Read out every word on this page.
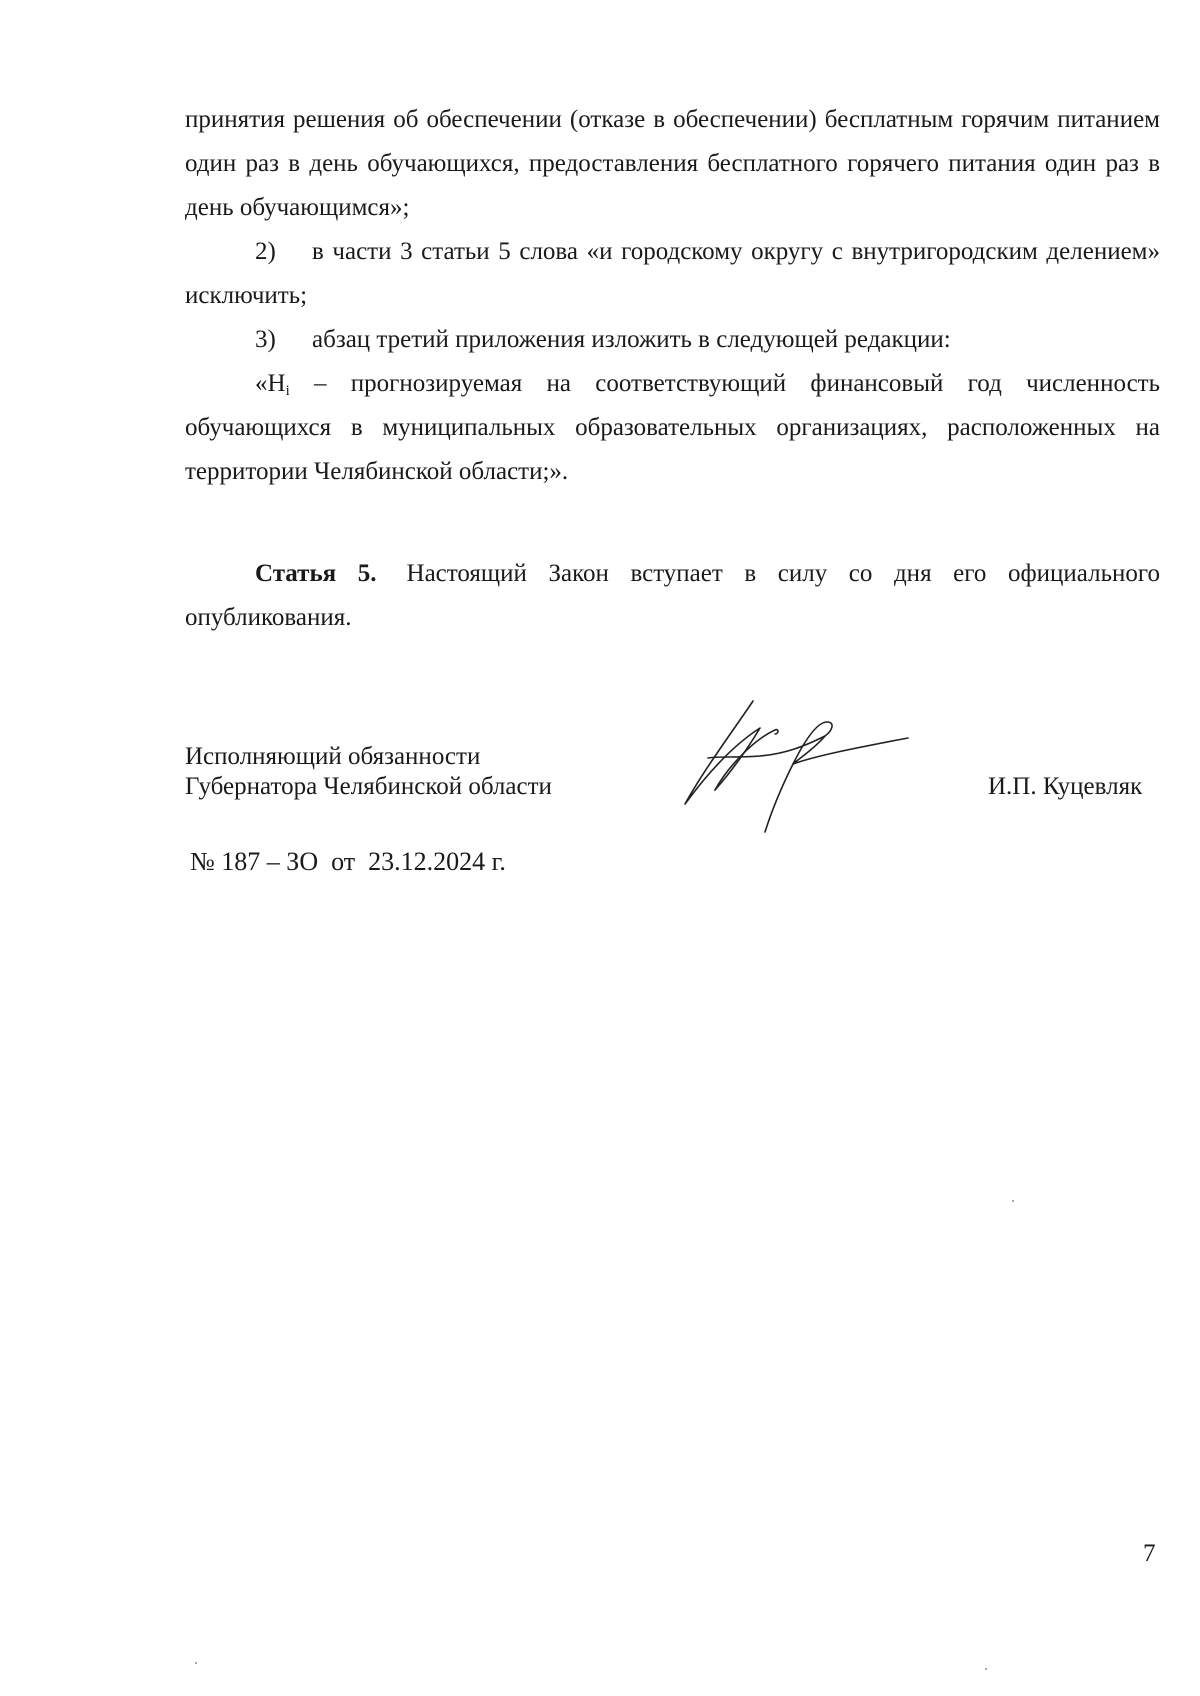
принятия решения об обеспечении (отказе в обеспечении) бесплатным горячим питанием один раз в день обучающихся, предоставления бесплатного горячего питания один раз в день обучающимся»;

2)	в части 3 статьи 5 слова «и городскому округу с внутригородским делением» исключить;
3)	абзац третий приложения изложить в следующей редакции:

«$Н_i$ – прогнозируемая на соответствующий финансовый год численность обучающихся в муниципальных образовательных организациях, расположенных на территории Челябинской области;».

Статья 5. Настоящий Закон вступает в силу со дня его официального опубликования.

Исполняющий обязанности
Губернатора Челябинской области	И.П. Куцевляк
№ 187 – ЗО  от  23.12.2024 г.
7
